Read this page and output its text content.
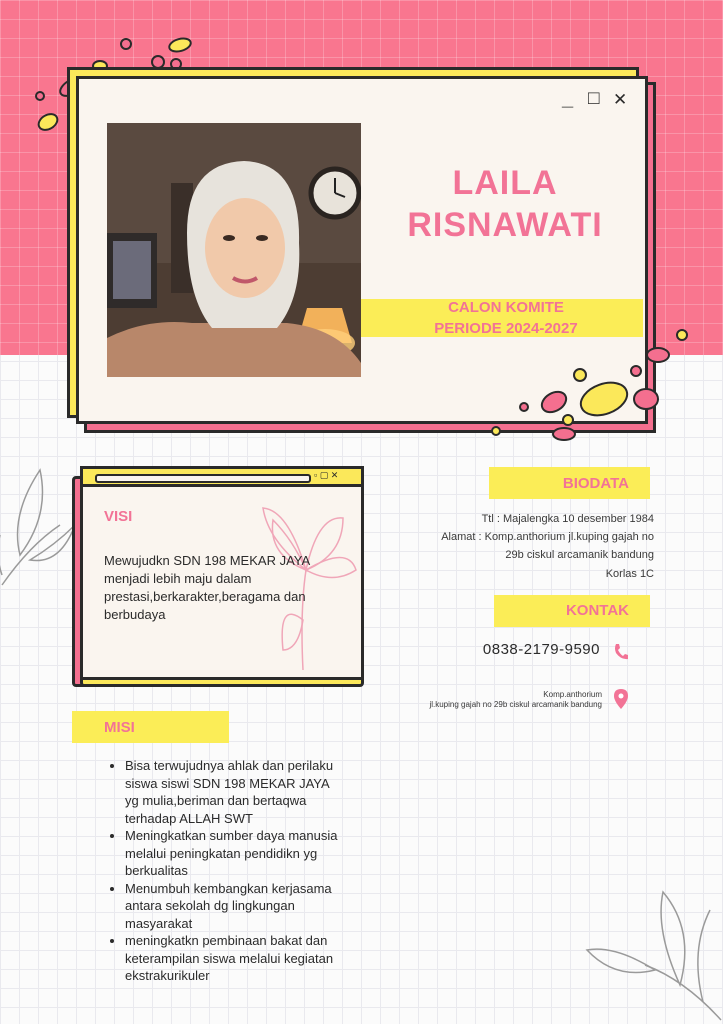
_ □ ✕
LAILA
RISNAWATI
CALON KOMITE
PERIODE 2024-2027
▫ ▢ ✕
VISI
Mewujudkn SDN 198 MEKAR JAYA menjadi lebih maju dalam prestasi,berkarakter,beragama dan berbudaya
BIODATA
Ttl : Majalengka 10 desember 1984
Alamat : Komp.anthorium jl.kuping gajah no
29b ciskul arcamanik bandung
Korlas 1C
KONTAK
0838-2179-9590
Komp.anthorium
jl.kuping gajah no 29b ciskul arcamanik bandung
MISI
• Bisa terwujudnya ahlak dan perilaku siswa siswi SDN 198 MEKAR JAYA yg mulia,beriman dan bertaqwa terhadap ALLAH SWT
• Meningkatkan sumber daya manusia melalui peningkatan pendidikn yg berkualitas
• Menumbuh kembangkan kerjasama antara sekolah dg lingkungan masyarakat
• meningkatkn pembinaan bakat dan keterampilan siswa melalui kegiatan ekstrakurikuler
